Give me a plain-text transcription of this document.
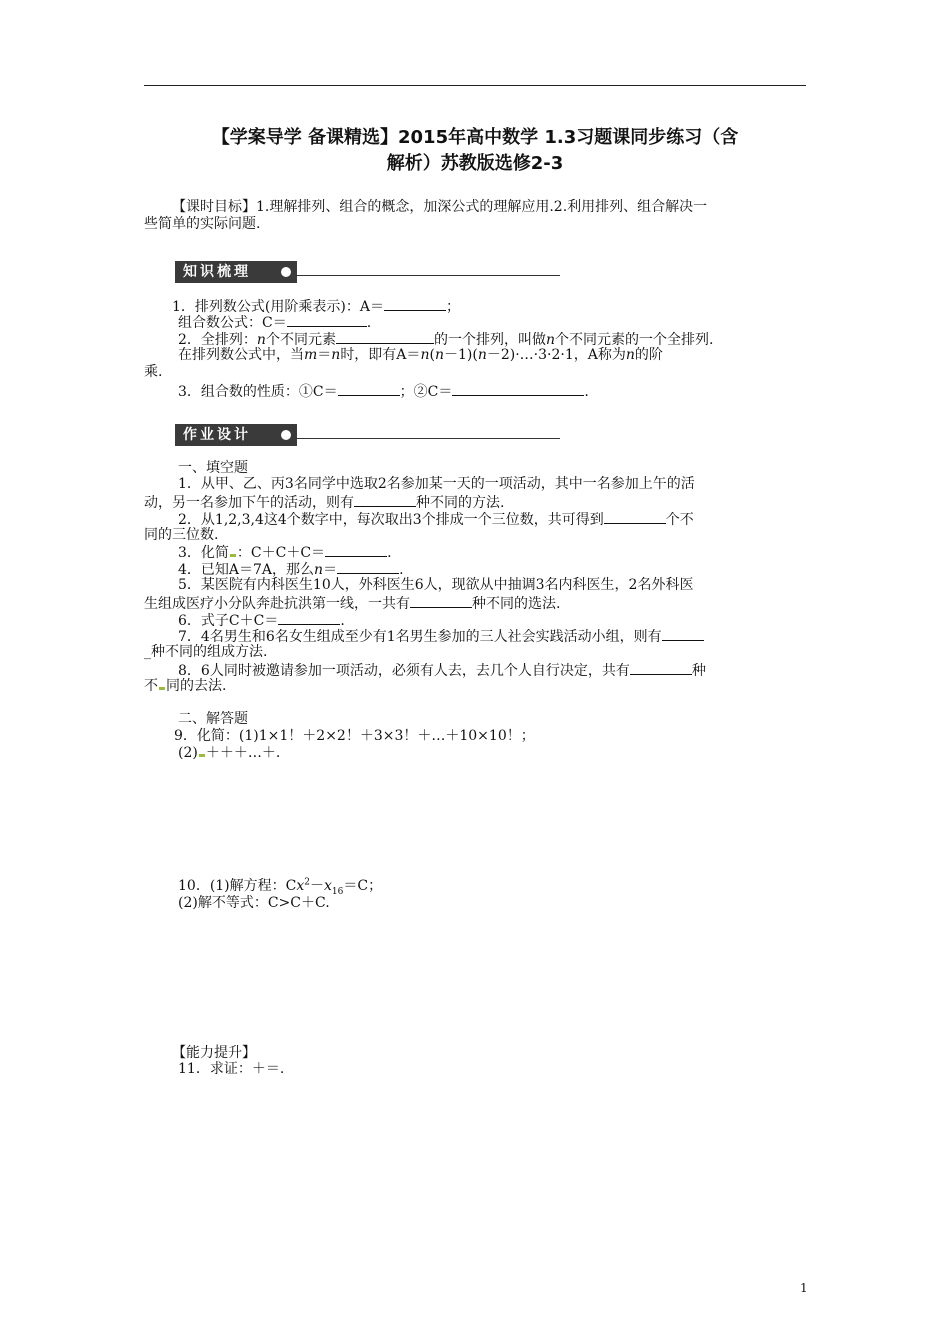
【学案导学 备课精选】2015年高中数学 1.3习题课同步练习（含
解析）苏教版选修2-3
【课时目标】1.理解排列、组合的概念，加深公式的理解应用.2.利用排列、组合解决一
些简单的实际问题.
知识梳理
1．排列数公式(用阶乘表示)：A＝	；
组合数公式：C＝	.
2．全排列：n个不同元素	的一个排列，叫做n个不同元素的一个全排列.
在排列数公式中，当m＝n时，即有A＝n(n－1)(n－2)·…·3·2·1，A称为n的阶
乘.
3．组合数的性质：①C＝	；②C＝	.
作业设计
一、填空题
1．从甲、乙、丙3名同学中选取2名参加某一天的一项活动，其中一名参加上午的活
动，另一名参加下午的活动，则有	种不同的方法.
2．从1,2,3,4这4个数字中，每次取出3个排成一个三位数，共可得到	个不
同的三位数.
3．化简 ：C＋C＋C＝	.
4．已知A＝7A，那么n＝	.
5．某医院有内科医生10人，外科医生6人，现欲从中抽调3名内科医生，2名外科医
生组成医疗小分队奔赴抗洪第一线，一共有	种不同的选法.
6．式子C＋C＝	.
7．4名男生和6名女生组成至少有1名男生参加的三人社会实践活动小组，则有
_种不同的组成方法.
8．6人同时被邀请参加一项活动，必须有人去，去几个人自行决定，共有	种
不 同的去法.
二、解答题
9．化简：(1)1×1！＋2×2！＋3×3！＋…＋10×10！；
(2) ＋＋＋…＋.
10．(1)解方程：$Cx^2-x_{16}=C$；
(2)解不等式：C>C＋C.
【能力提升】
11．求证：＋＝.
1
